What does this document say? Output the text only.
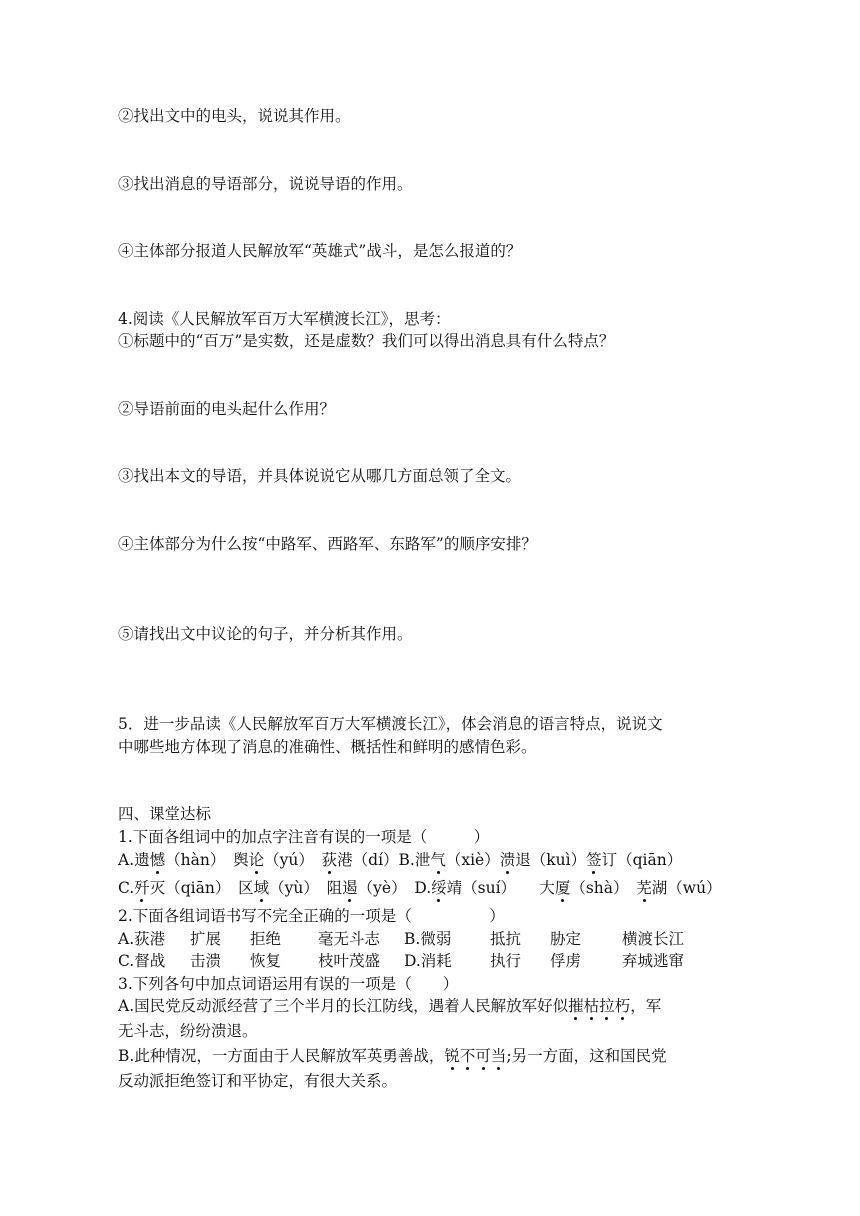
②找出文中的电头，说说其作用。
③找出消息的导语部分，说说导语的作用。
④主体部分报道人民解放军“英雄式”战斗，是怎么报道的？
4.阅读《人民解放军百万大军横渡长江》，思考：
①标题中的“百万”是实数，还是虚数？我们可以得出消息具有什么特点？
②导语前面的电头起什么作用？
③找出本文的导语，并具体说说它从哪几方面总领了全文。
④主体部分为什么按“中路军、西路军、东路军”的顺序安排？
⑤请找出文中议论的句子，并分析其作用。
5．进一步品读《人民解放军百万大军横渡长江》，体会消息的语言特点，说说文
中哪些地方体现了消息的准确性、概括性和鲜明的感情色彩。
四、课堂达标
1.下面各组词中的加点字注音有误的一项是（　　　）
A.遗憾（hàn）　舆论（yú）　荻港（dí）B.泄气（xiè）溃退（kuì）签订（qiān）
C.歼灭（qiān）　区域（yù）　阻遏（yè）　D.绥靖（suí）　　大厦（shà）　芜湖（wú）
2.下面各组词语书写不完全正确的一项是（　　　　　）
A.荻港 扩展 拒绝 毫无斗志 B.微弱 抵抗 胁定	横渡长江
C.督战 击溃 恢复 枝叶茂盛 D.消耗 执行 俘虏	弃城逃窜
3.下列各句中加点词语运用有误的一项是（　　）
A.国民党反动派经营了三个半月的长江防线，遇着人民解放军好似摧枯拉朽，军
无斗志，纷纷溃退。
B.此种情况，一方面由于人民解放军英勇善战，锐不可当;另一方面，这和国民党
反动派拒绝签订和平协定，有很大关系。
